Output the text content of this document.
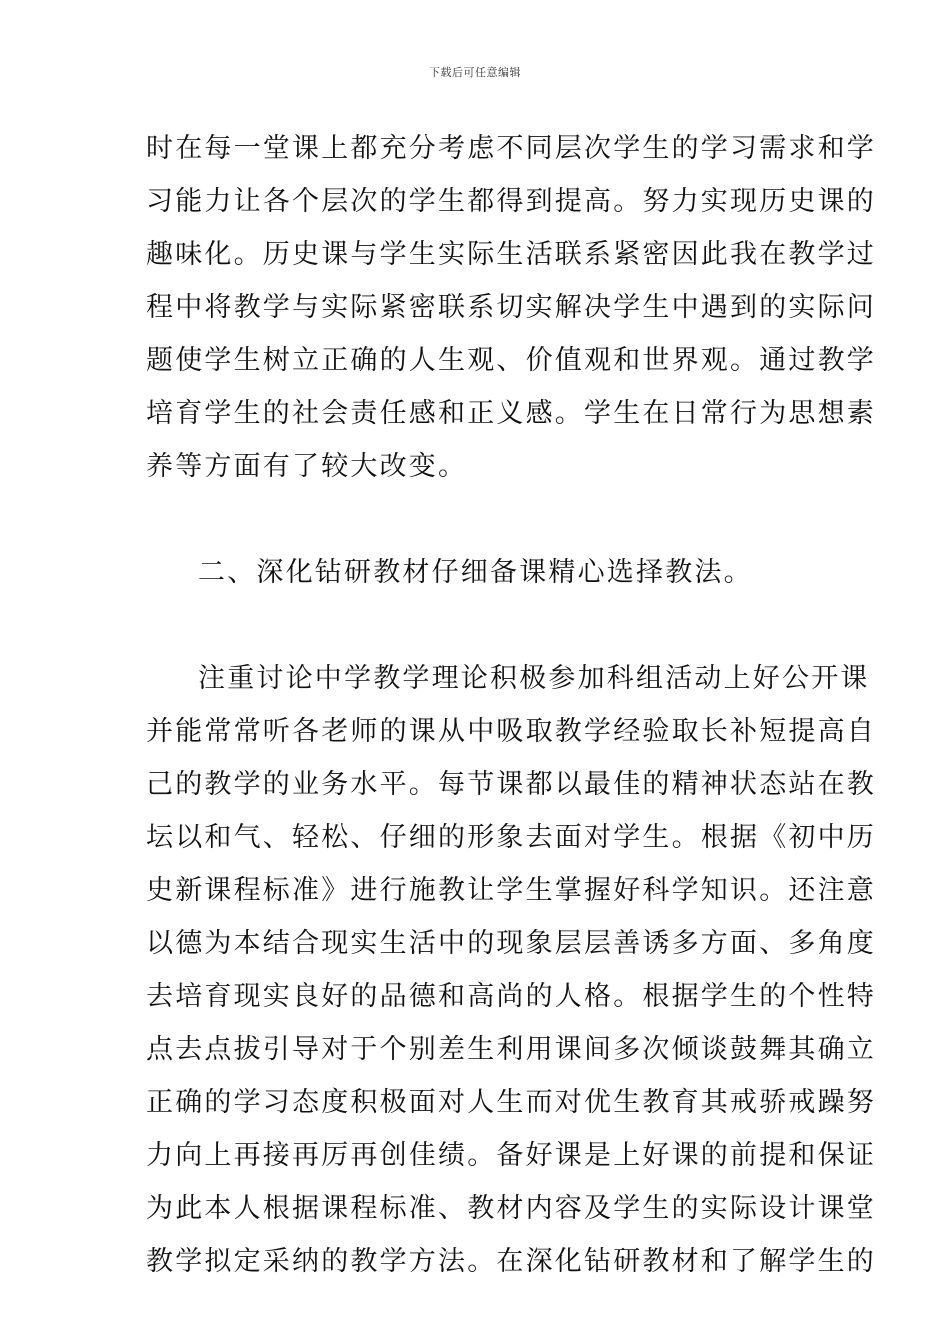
下载后可任意编辑
时在每一堂课上都充分考虑不同层次学生的学习需求和学
习能力让各个层次的学生都得到提高。努力实现历史课的
趣味化。历史课与学生实际生活联系紧密因此我在教学过
程中将教学与实际紧密联系切实解决学生中遇到的实际问
题使学生树立正确的人生观、价值观和世界观。通过教学
培育学生的社会责任感和正义感。学生在日常行为思想素
养等方面有了较大改变。
二、深化钻研教材仔细备课精心选择教法。
注重讨论中学教学理论积极参加科组活动上好公开课
并能常常听各老师的课从中吸取教学经验取长补短提高自
己的教学的业务水平。每节课都以最佳的精神状态站在教
坛以和气、轻松、仔细的形象去面对学生。根据《初中历
史新课程标准》进行施教让学生掌握好科学知识。还注意
以德为本结合现实生活中的现象层层善诱多方面、多角度
去培育现实良好的品德和高尚的人格。根据学生的个性特
点去点拔引导对于个别差生利用课间多次倾谈鼓舞其确立
正确的学习态度积极面对人生而对优生教育其戒骄戒躁努
力向上再接再厉再创佳绩。备好课是上好课的前提和保证
为此本人根据课程标准、教材内容及学生的实际设计课堂
教学拟定采纳的教学方法。在深化钻研教材和了解学生的
